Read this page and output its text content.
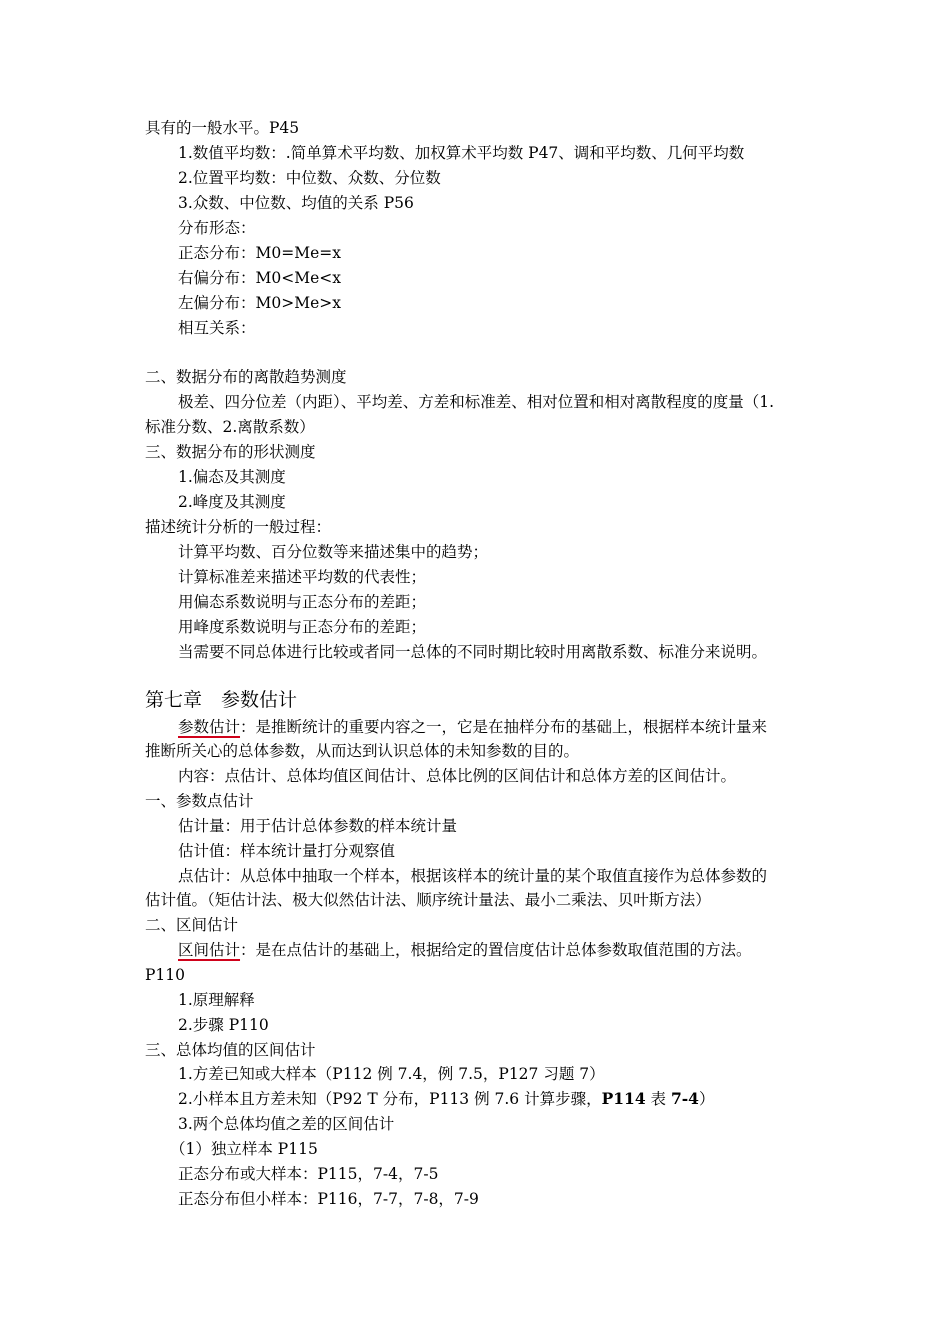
具有的一般水平。P45
1.数值平均数：.简单算术平均数、加权算术平均数 P47、调和平均数、几何平均数
2.位置平均数：中位数、众数、分位数
3.众数、中位数、均值的关系 P56
分布形态：
正态分布：M0=Me=x
右偏分布：M0<Me<x
左偏分布：M0>Me>x
相互关系：
二、数据分布的离散趋势测度
极差、四分位差（内距）、平均差、方差和标准差、相对位置和相对离散程度的度量（1.
标准分数、2.离散系数）
三、数据分布的形状测度
1.偏态及其测度
2.峰度及其测度
描述统计分析的一般过程：
计算平均数、百分位数等来描述集中的趋势；
计算标准差来描述平均数的代表性；
用偏态系数说明与正态分布的差距；
用峰度系数说明与正态分布的差距；
当需要不同总体进行比较或者同一总体的不同时期比较时用离散系数、标准分来说明。
第七章　参数估计
参数估计：是推断统计的重要内容之一，它是在抽样分布的基础上，根据样本统计量来
推断所关心的总体参数，从而达到认识总体的未知参数的目的。
内容：点估计、总体均值区间估计、总体比例的区间估计和总体方差的区间估计。
一、参数点估计
估计量：用于估计总体参数的样本统计量
估计值：样本统计量打分观察值
点估计：从总体中抽取一个样本，根据该样本的统计量的某个取值直接作为总体参数的
估计值。（矩估计法、极大似然估计法、顺序统计量法、最小二乘法、贝叶斯方法）
二、区间估计
区间估计：是在点估计的基础上，根据给定的置信度估计总体参数取值范围的方法。
P110
1.原理解释
2.步骤 P110
三、总体均值的区间估计
1.方差已知或大样本（P112 例 7.4，例 7.5，P127 习题 7）
2.小样本且方差未知（P92 T 分布，P113 例 7.6 计算步骤，P114 表 7-4）
3.两个总体均值之差的区间估计
（1）独立样本 P115
正态分布或大样本：P115，7-4，7-5
正态分布但小样本：P116，7-7，7-8，7-9
